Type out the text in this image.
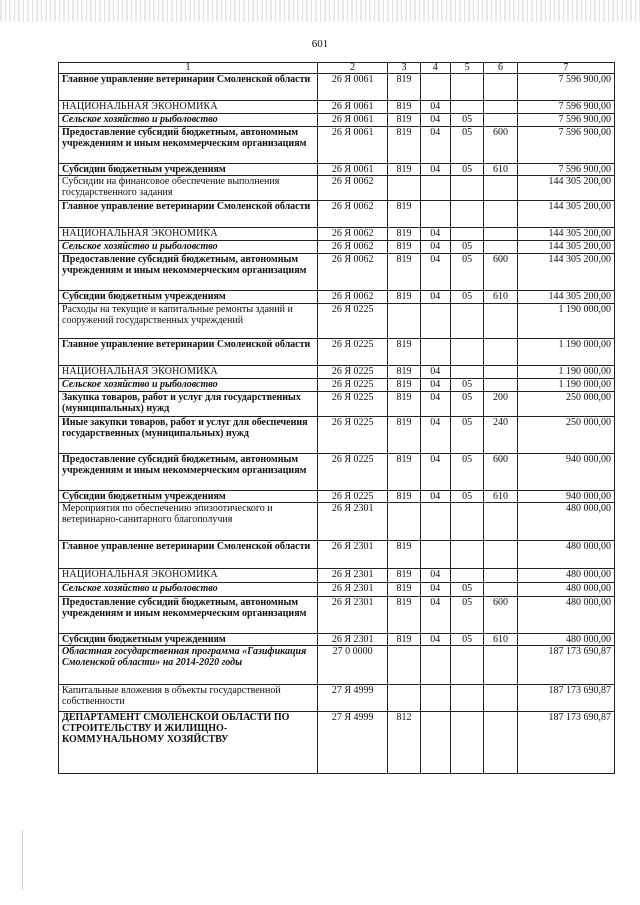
601
1	2	3	4	5	6	7
Главное управление ветеринарии Смоленской области	26 Я 0061	819				7 596 900,00
НАЦИОНАЛЬНАЯ ЭКОНОМИКА	26 Я 0061	819	04			7 596 900,00
Сельское хозяйство и рыболовство	26 Я 0061	819	04	05		7 596 900,00
Предоставление субсидий бюджетным, автономным учреждениям и иным некоммерческим организациям	26 Я 0061	819	04	05	600	7 596 900,00
Субсидии бюджетным учреждениям	26 Я 0061	819	04	05	610	7 596 900,00
Субсидии на финансовое обеспечение выполнения государственного задания	26 Я 0062					144 305 200,00
Главное управление ветеринарии Смоленской области	26 Я 0062	819				144 305 200,00
НАЦИОНАЛЬНАЯ ЭКОНОМИКА	26 Я 0062	819	04			144 305 200,00
Сельское хозяйство и рыболовство	26 Я 0062	819	04	05		144 305 200,00
Предоставление субсидий бюджетным, автономным учреждениям и иным некоммерческим организациям	26 Я 0062	819	04	05	600	144 305 200,00
Субсидии бюджетным учреждениям	26 Я 0062	819	04	05	610	144 305 200,00
Расходы на текущие и капитальные ремонты зданий и сооружений государственных учреждений	26 Я 0225					1 190 000,00
Главное управление ветеринарии Смоленской области	26 Я 0225	819				1 190 000,00
НАЦИОНАЛЬНАЯ ЭКОНОМИКА	26 Я 0225	819	04			1 190 000,00
Сельское хозяйство и рыболовство	26 Я 0225	819	04	05		1 190 000,00
Закупка товаров, работ и услуг для государственных (муниципальных) нужд	26 Я 0225	819	04	05	200	250 000,00
Иные закупки товаров, работ и услуг для обеспечения государственных (муниципальных) нужд	26 Я 0225	819	04	05	240	250 000,00
Предоставление субсидий бюджетным, автономным учреждениям и иным некоммерческим организациям	26 Я 0225	819	04	05	600	940 000,00
Субсидии бюджетным учреждениям	26 Я 0225	819	04	05	610	940 000,00
Мероприятия по обеспечению эпизоотического и ветеринарно-санитарного благополучия	26 Я 2301					480 000,00
Главное управление ветеринарии Смоленской области	26 Я 2301	819				480 000,00
НАЦИОНАЛЬНАЯ ЭКОНОМИКА	26 Я 2301	819	04			480 000,00
Сельское хозяйство и рыболовство	26 Я 2301	819	04	05		480 000,00
Предоставление субсидий бюджетным, автономным учреждениям и иным некоммерческим организациям	26 Я 2301	819	04	05	600	480 000,00
Субсидии бюджетным учреждениям	26 Я 2301	819	04	05	610	480 000,00
Областная государственная программа «Газификация Смоленской области» на 2014-2020 годы	27 0 0000					187 173 690,87
Капитальные вложения в объекты государственной собственности	27 Я 4999					187 173 690,87
ДЕПАРТАМЕНТ СМОЛЕНСКОЙ ОБЛАСТИ ПО СТРОИТЕЛЬСТВУ И ЖИЛИЩНО-КОММУНАЛЬНОМУ ХОЗЯЙСТВУ	27 Я 4999	812				187 173 690,87
